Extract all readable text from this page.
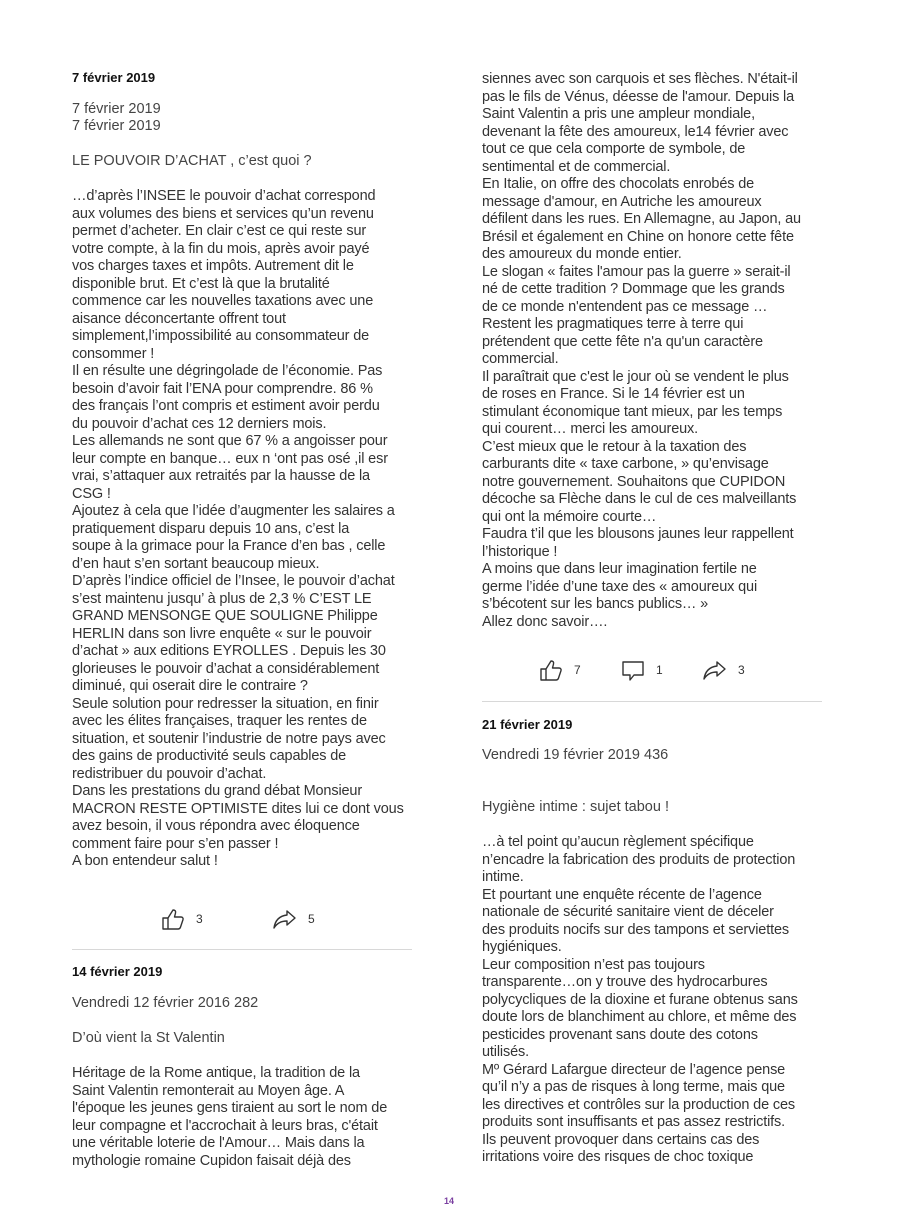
7 février 2019
7 février 2019
7 février 2019
LE POUVOIR D’ACHAT , c’est quoi ?
…d’après l’INSEE le pouvoir d’achat correspond
aux volumes des biens et services qu’un revenu
permet d’acheter. En clair c’est ce qui reste sur
votre compte, à la fin du mois, après avoir payé
vos charges taxes et impôts. Autrement dit le
disponible brut. Et c’est là que la brutalité
commence car les nouvelles taxations avec une
aisance déconcertante offrent tout
simplement,l’impossibilité au consommateur de
consommer !
Il en résulte une dégringolade de l’économie. Pas
besoin d’avoir fait l’ENA pour comprendre. 86 %
des français l’ont compris et estiment avoir perdu
du pouvoir d’achat ces 12 derniers mois.
Les allemands ne sont que 67 % a angoisser pour
leur compte en banque… eux n ‘ont pas osé ,il esr
vrai, s’attaquer aux retraités par la hausse de la
CSG !
Ajoutez à cela que l’idée d’augmenter les salaires a
pratiquement disparu depuis 10 ans, c’est la
soupe à la grimace pour la France d’en bas , celle
d’en haut s’en sortant beaucoup mieux.
D’après l’indice officiel de l’Insee, le pouvoir d’achat
s’est maintenu jusqu’ à plus de 2,3 % C’EST LE
GRAND MENSONGE QUE SOULIGNE Philippe
HERLIN dans son livre enquête « sur le pouvoir
d’achat » aux editions EYROLLES . Depuis les 30
glorieuses le pouvoir d’achat a considérablement
diminué, qui oserait dire le contraire ?
Seule solution pour redresser la situation, en finir
avec les élites françaises, traquer les rentes de
situation, et soutenir l’industrie de notre pays avec
des gains de productivité seuls capables de
redistribuer du pouvoir d’achat.
Dans les prestations du grand débat Monsieur
MACRON RESTE OPTIMISTE dites lui ce dont vous
avez besoin, il vous répondra avec éloquence
comment faire pour s’en passer !
A bon entendeur salut !
3	5
14 février 2019
Vendredi 12 février 2016 282
D’où vient la St Valentin
Héritage de la Rome antique, la tradition de la
Saint Valentin remonterait au Moyen âge. A
l'époque les jeunes gens tiraient au sort le nom de
leur compagne et l'accrochait à leurs bras, c'était
une véritable loterie de l'Amour… Mais dans la
mythologie romaine Cupidon faisait déjà des
siennes avec son carquois et ses flèches. N'était-il
pas le fils de Vénus, déesse de l'amour. Depuis la
Saint Valentin a pris une ampleur mondiale,
devenant la fête des amoureux, le14 février avec
tout ce que cela comporte de symbole, de
sentimental et de commercial.
En Italie, on offre des chocolats enrobés de
message d'amour, en Autriche les amoureux
défilent dans les rues. En Allemagne, au Japon, au
Brésil et également en Chine on honore cette fête
des amoureux du monde entier.
Le slogan « faites l'amour pas la guerre » serait-il
né de cette tradition ? Dommage que les grands
de ce monde n'entendent pas ce message …
Restent les pragmatiques terre à terre qui
prétendent que cette fête n'a qu'un caractère
commercial.
Il paraîtrait que c'est le jour où se vendent le plus
de roses en France. Si le 14 février est un
stimulant économique tant mieux, par les temps
qui courent… merci les amoureux.
C’est mieux que le retour à la taxation des
carburants dite « taxe carbone, » qu’envisage
notre gouvernement. Souhaitons que CUPIDON
décoche sa Flèche dans le cul de ces malveillants
qui ont la mémoire courte…
Faudra t’il que les blousons jaunes leur rappellent
l’historique !
A moins que dans leur imagination fertile ne
germe l’idée d’une taxe des « amoureux qui
s’bécotent sur les bancs publics… »
Allez donc savoir….
7	1	3
21 février 2019
Vendredi 19 février 2019 436
Hygiène intime : sujet tabou !
…à tel point qu’aucun règlement spécifique
n’encadre la fabrication des produits de protection
intime.
Et pourtant une enquête récente de l’agence
nationale de sécurité sanitaire vient de déceler
des produits nocifs sur des tampons et serviettes
hygiéniques.
Leur composition n’est pas toujours
transparente…on y trouve des hydrocarbures
polycycliques de la dioxine et furane obtenus sans
doute lors de blanchiment au chlore, et même des
pesticides provenant sans doute des cotons
utilisés.
Mº Gérard Lafargue directeur de l’agence pense
qu’il n’y a pas de risques à long terme, mais que
les directives et contrôles sur la production de ces
produits sont insuffisants et pas assez restrictifs.
Ils peuvent provoquer dans certains cas des
irritations voire des risques de choc toxique
14
